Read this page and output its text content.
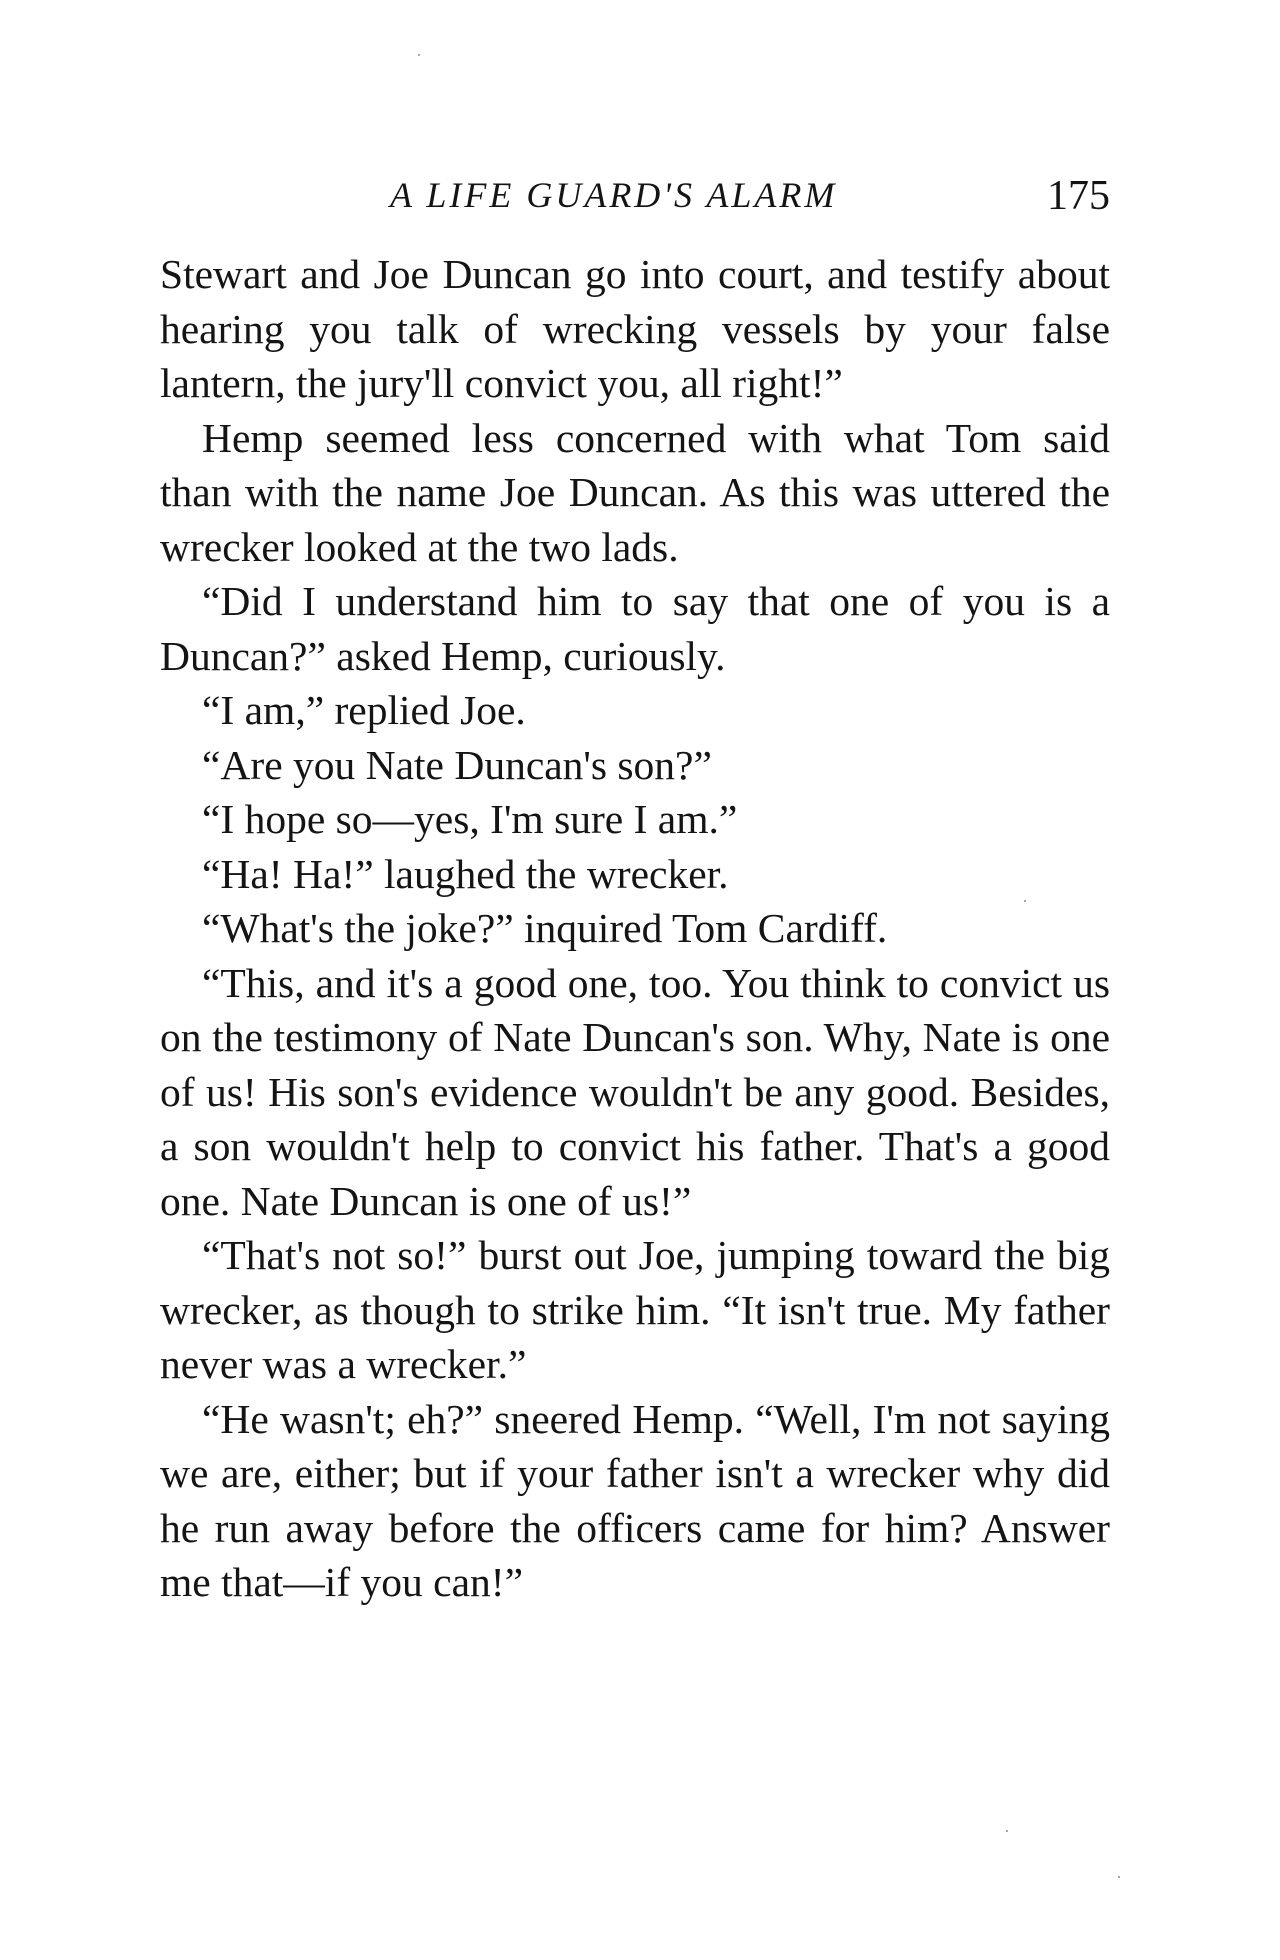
A LIFE GUARD'S ALARM	175

Stewart and Joe Duncan go into court, and testify about hearing you talk of wrecking vessels by your false lantern, the jury'll convict you, all right!”

Hemp seemed less concerned with what Tom said than with the name Joe Duncan. As this was uttered the wrecker looked at the two lads.

“Did I understand him to say that one of you is a Duncan?” asked Hemp, curiously.

“I am,” replied Joe.

“Are you Nate Duncan's son?”

“I hope so—yes, I'm sure I am.”

“Ha! Ha!” laughed the wrecker.

“What's the joke?” inquired Tom Cardiff.

“This, and it's a good one, too. You think to convict us on the testimony of Nate Duncan's son. Why, Nate is one of us! His son's evidence wouldn't be any good. Besides, a son wouldn't help to convict his father. That's a good one. Nate Duncan is one of us!”

“That's not so!” burst out Joe, jumping toward the big wrecker, as though to strike him. “It isn't true. My father never was a wrecker.”

“He wasn't; eh?” sneered Hemp. “Well, I'm not saying we are, either; but if your father isn't a wrecker why did he run away before the officers came for him? Answer me that—if you can!”
